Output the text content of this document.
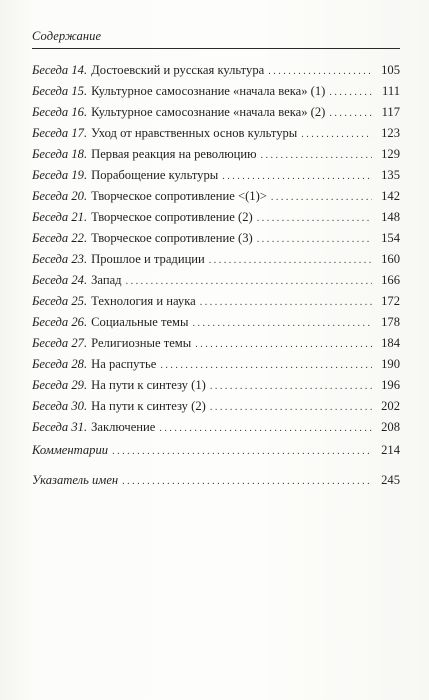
Содержание
Беседа 14. Достоевский и русская культура . . .	105
Беседа 15. Культурное самосознание «начала века» (1) . . .	111
Беседа 16. Культурное самосознание «начала века» (2) . . .	117
Беседа 17. Уход от нравственных основ культуры . . .	123
Беседа 18. Первая реакция на революцию . . .	129
Беседа 19. Порабощение культуры . . .	135
Беседа 20. Творческое сопротивление <(1)> . . .	142
Беседа 21. Творческое сопротивление (2) . . .	148
Беседа 22. Творческое сопротивление (3) . . .	154
Беседа 23. Прошлое и традиции . . .	160
Беседа 24. Запад . . .	166
Беседа 25. Технология и наука . . .	172
Беседа 26. Социальные темы . . .	178
Беседа 27. Религиозные темы . . .	184
Беседа 28. На распутье . . .	190
Беседа 29. На пути к синтезу (1) . . .	196
Беседа 30. На пути к синтезу (2) . . .	202
Беседа 31. Заключение . . .	208
Комментарии . . .	214
Указатель имен . . .	245
